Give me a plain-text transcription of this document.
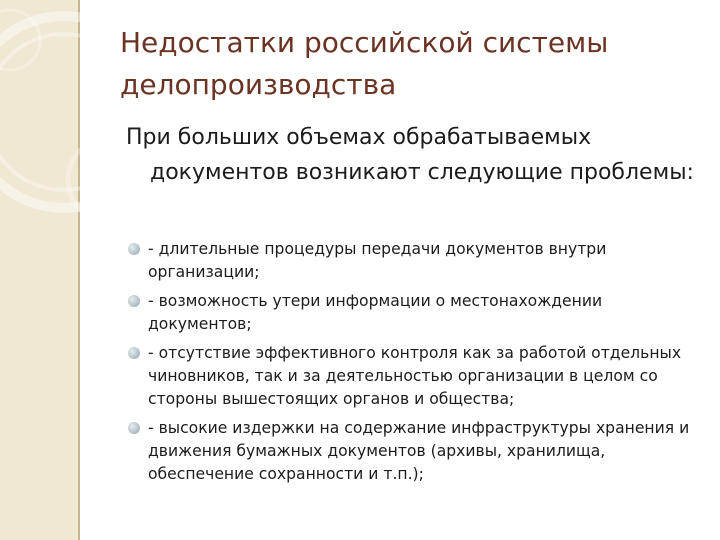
Недостатки российской системы делопроизводства

При больших объемах обрабатываемых документов возникают следующие проблемы:

- длительные процедуры передачи документов внутри организации;
- возможность утери информации о местонахождении документов;
- отсутствие эффективного контроля как за работой отдельных чиновников, так и за деятельностью организации в целом со стороны вышестоящих органов и общества;
- высокие издержки на содержание инфраструктуры хранения и движения бумажных документов (архивы, хранилища, обеспечение сохранности и т.п.);
